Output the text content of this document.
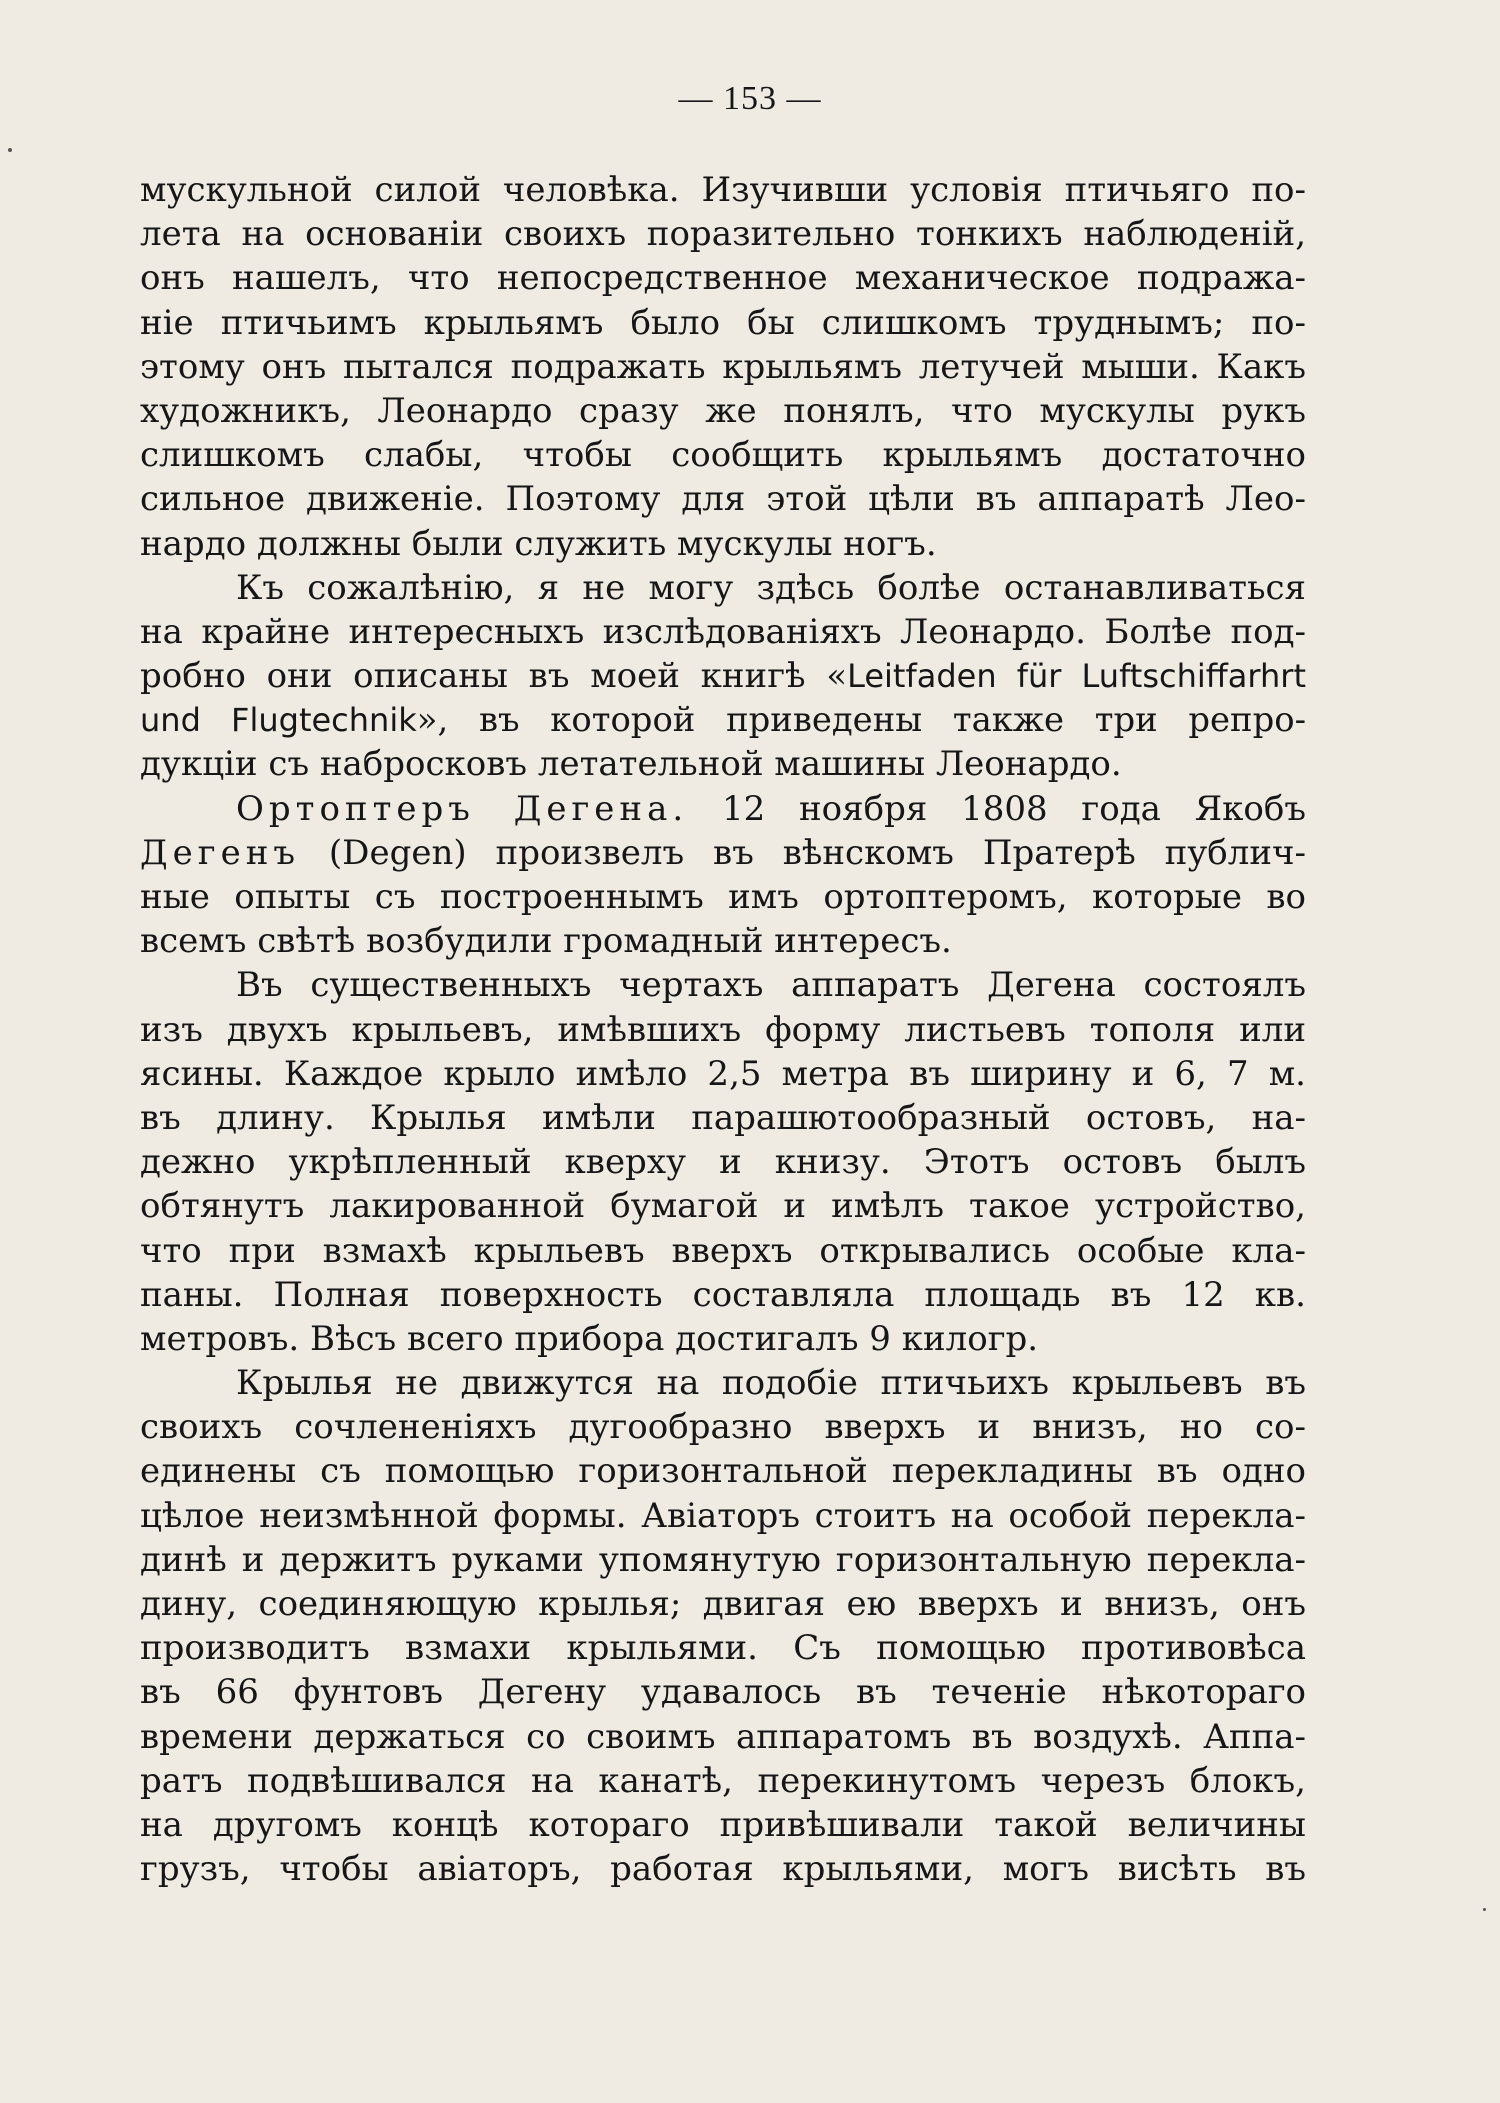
— 153 —
мускульной силой человѣка. Изучивши условія птичьяго по-
лета на основаніи своихъ поразительно тонкихъ наблюденій,
онъ нашелъ, что непосредственное механическое подража-
ніе птичьимъ крыльямъ было бы слишкомъ труднымъ; по-
этому онъ пытался подражать крыльямъ летучей мыши. Какъ
художникъ, Леонардо сразу же понялъ, что мускулы рукъ
слишкомъ слабы, чтобы сообщить крыльямъ достаточно
сильное движеніе. Поэтому для этой цѣли въ аппаратѣ Лео-
нардо должны были служить мускулы ногъ.
Къ сожалѣнію, я не могу здѣсь болѣе останавливаться
на крайне интересныхъ изслѣдованіяхъ Леонардо. Болѣе под-
робно они описаны въ моей книгѣ «Leitfaden für Luftschiffarhrt
und Flugtechnik», въ которой приведены также три репро-
дукціи съ набросковъ летательной машины Леонардо.
Ортоптеръ Дегена. 12 ноября 1808 года Якобъ
Дегенъ (Degen) произвелъ въ вѣнскомъ Пратерѣ публич-
ные опыты съ построеннымъ имъ ортоптеромъ, которые во
всемъ свѣтѣ возбудили громадный интересъ.
Въ существенныхъ чертахъ аппаратъ Дегена состоялъ
изъ двухъ крыльевъ, имѣвшихъ форму листьевъ тополя или
ясины. Каждое крыло имѣло 2,5 метра въ ширину и 6, 7 м.
въ длину. Крылья имѣли парашютообразный остовъ, на-
дежно укрѣпленный кверху и книзу. Этотъ остовъ былъ
обтянутъ лакированной бумагой и имѣлъ такое устройство,
что при взмахѣ крыльевъ вверхъ открывались особые кла-
паны. Полная поверхность составляла площадь въ 12 кв.
метровъ. Вѣсъ всего прибора достигалъ 9 килогр.
Крылья не движутся на подобіе птичьихъ крыльевъ въ
своихъ сочлененіяхъ дугообразно вверхъ и внизъ, но со-
единены съ помощью горизонтальной перекладины въ одно
цѣлое неизмѣнной формы. Авіаторъ стоитъ на особой перекла-
динѣ и держитъ руками упомянутую горизонтальную перекла-
дину, соединяющую крылья; двигая ею вверхъ и внизъ, онъ
производитъ взмахи крыльями. Съ помощью противовѣса
въ 66 фунтовъ Дегену удавалось въ теченіе нѣкотораго
времени держаться со своимъ аппаратомъ въ воздухѣ. Аппа-
ратъ подвѣшивался на канатѣ, перекинутомъ черезъ блокъ,
на другомъ концѣ котораго привѣшивали такой величины
грузъ, чтобы авіаторъ, работая крыльями, могъ висѣть въ
